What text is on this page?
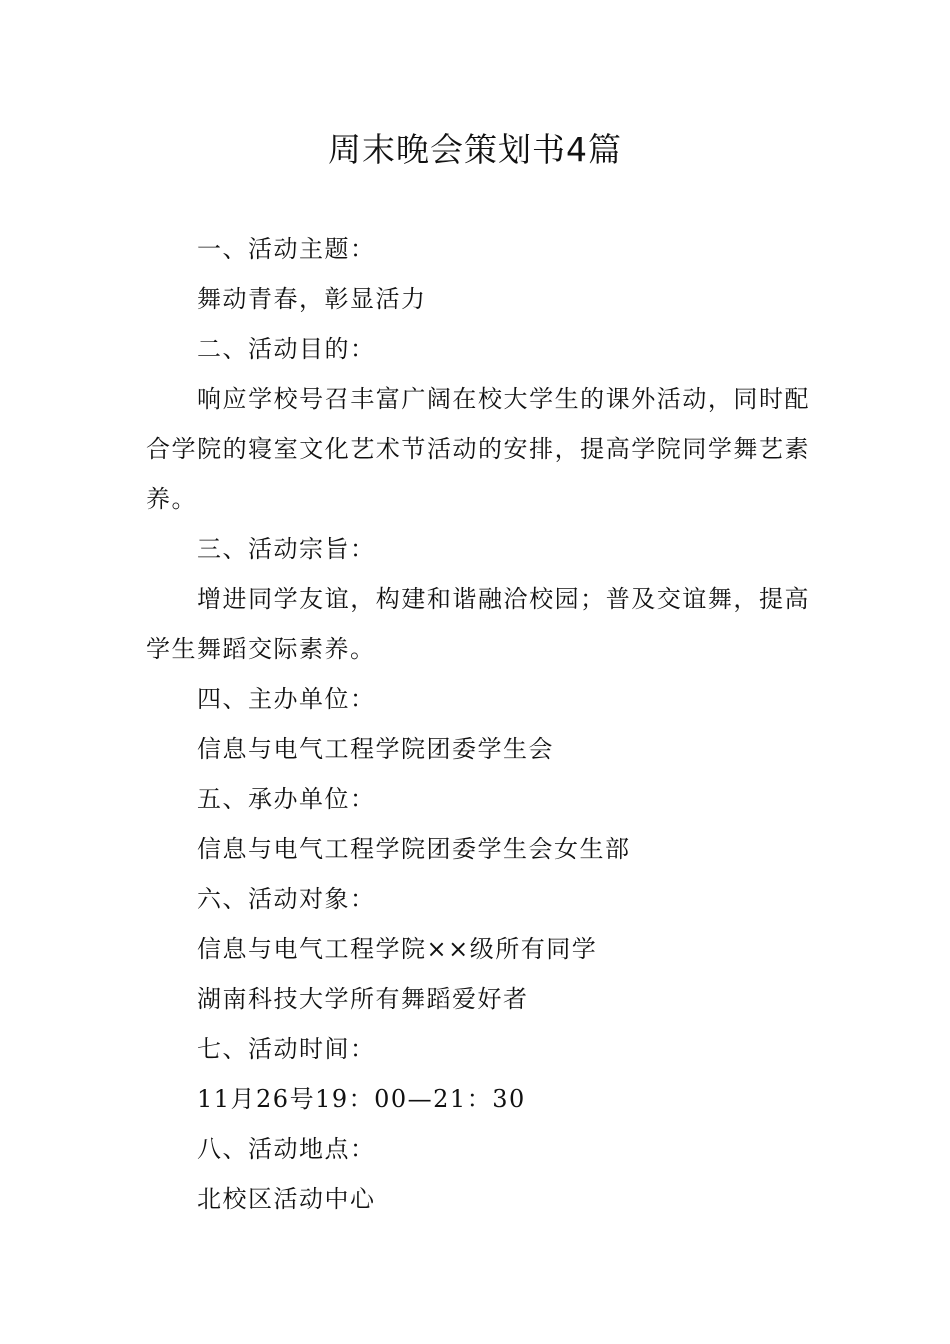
周末晚会策划书4篇

一、活动主题：

舞动青春，彰显活力

二、活动目的：

响应学校号召丰富广阔在校大学生的课外活动，同时配合学院的寝室文化艺术节活动的安排，提高学院同学舞艺素养。

三、活动宗旨：

增进同学友谊，构建和谐融洽校园；普及交谊舞，提高学生舞蹈交际素养。

四、主办单位：

信息与电气工程学院团委学生会

五、承办单位：

信息与电气工程学院团委学生会女生部

六、活动对象：

信息与电气工程学院××级所有同学

湖南科技大学所有舞蹈爱好者

七、活动时间：

11月26号19：00—21：30

八、活动地点：

北校区活动中心
